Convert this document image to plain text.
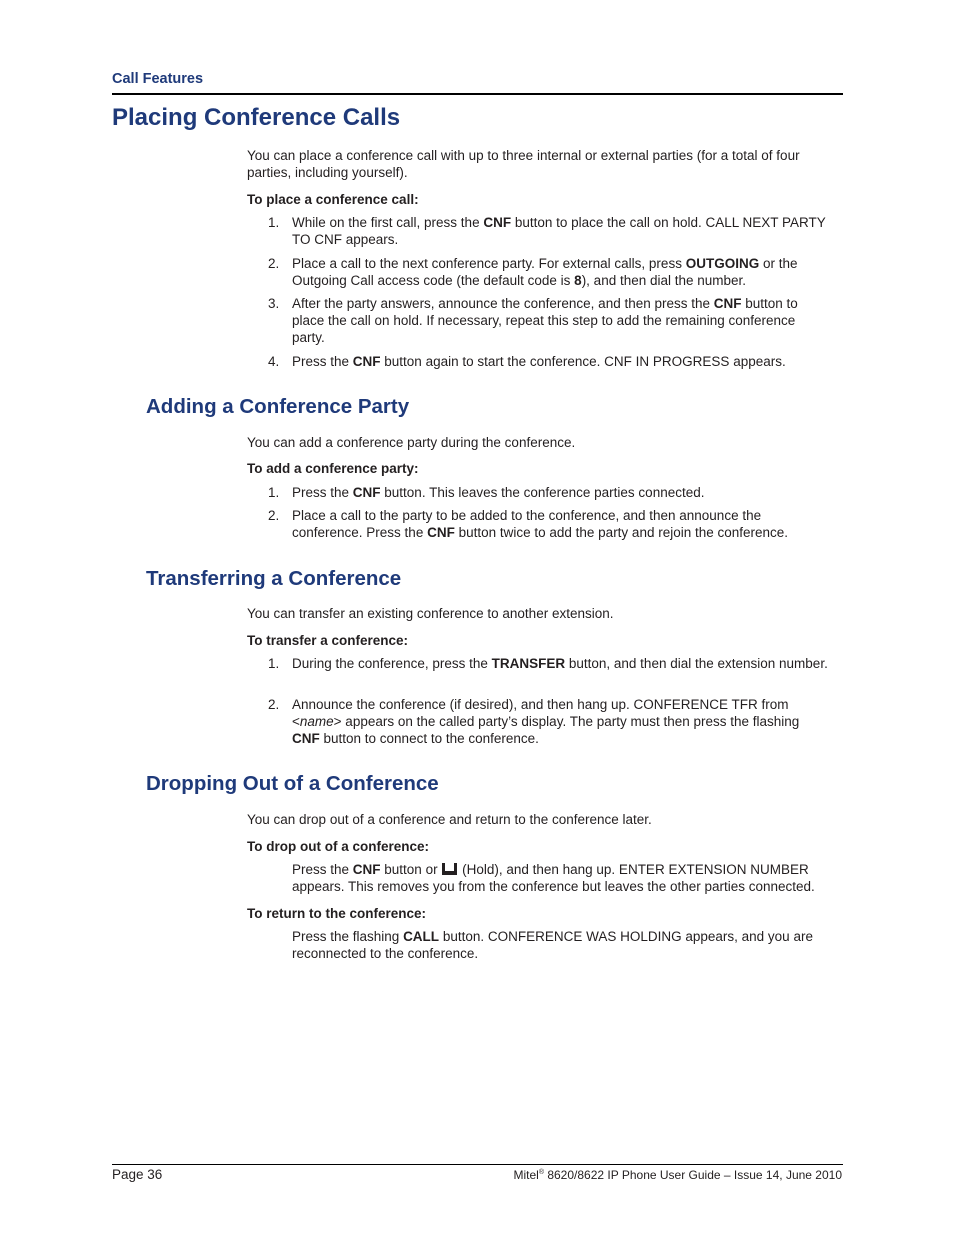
Call Features
Placing Conference Calls

You can place a conference call with up to three internal or external parties (for a total of four parties, including yourself).

To place a conference call:

1. While on the first call, press the CNF button to place the call on hold. CALL NEXT PARTY TO CNF appears.
2. Place a call to the next conference party. For external calls, press OUTGOING or the Outgoing Call access code (the default code is 8), and then dial the number.
3. After the party answers, announce the conference, and then press the CNF button to place the call on hold. If necessary, repeat this step to add the remaining conference party.
4. Press the CNF button again to start the conference. CNF IN PROGRESS appears.
Adding a Conference Party

You can add a conference party during the conference.

To add a conference party:

1. Press the CNF button. This leaves the conference parties connected.
2. Place a call to the party to be added to the conference, and then announce the conference. Press the CNF button twice to add the party and rejoin the conference.
Transferring a Conference

You can transfer an existing conference to another extension.

To transfer a conference:

1. During the conference, press the TRANSFER button, and then dial the extension number.
2. Announce the conference (if desired), and then hang up. CONFERENCE TFR from <name> appears on the called party’s display. The party must then press the flashing CNF button to connect to the conference.
Dropping Out of a Conference

You can drop out of a conference and return to the conference later.

To drop out of a conference:

Press the CNF button or  (Hold), and then hang up. ENTER EXTENSION NUMBER appears. This removes you from the conference but leaves the other parties connected.

To return to the conference:

Press the flashing CALL button. CONFERENCE WAS HOLDING appears, and you are reconnected to the conference.
Page 36	Mitel® 8620/8622 IP Phone User Guide – Issue 14, June 2010
